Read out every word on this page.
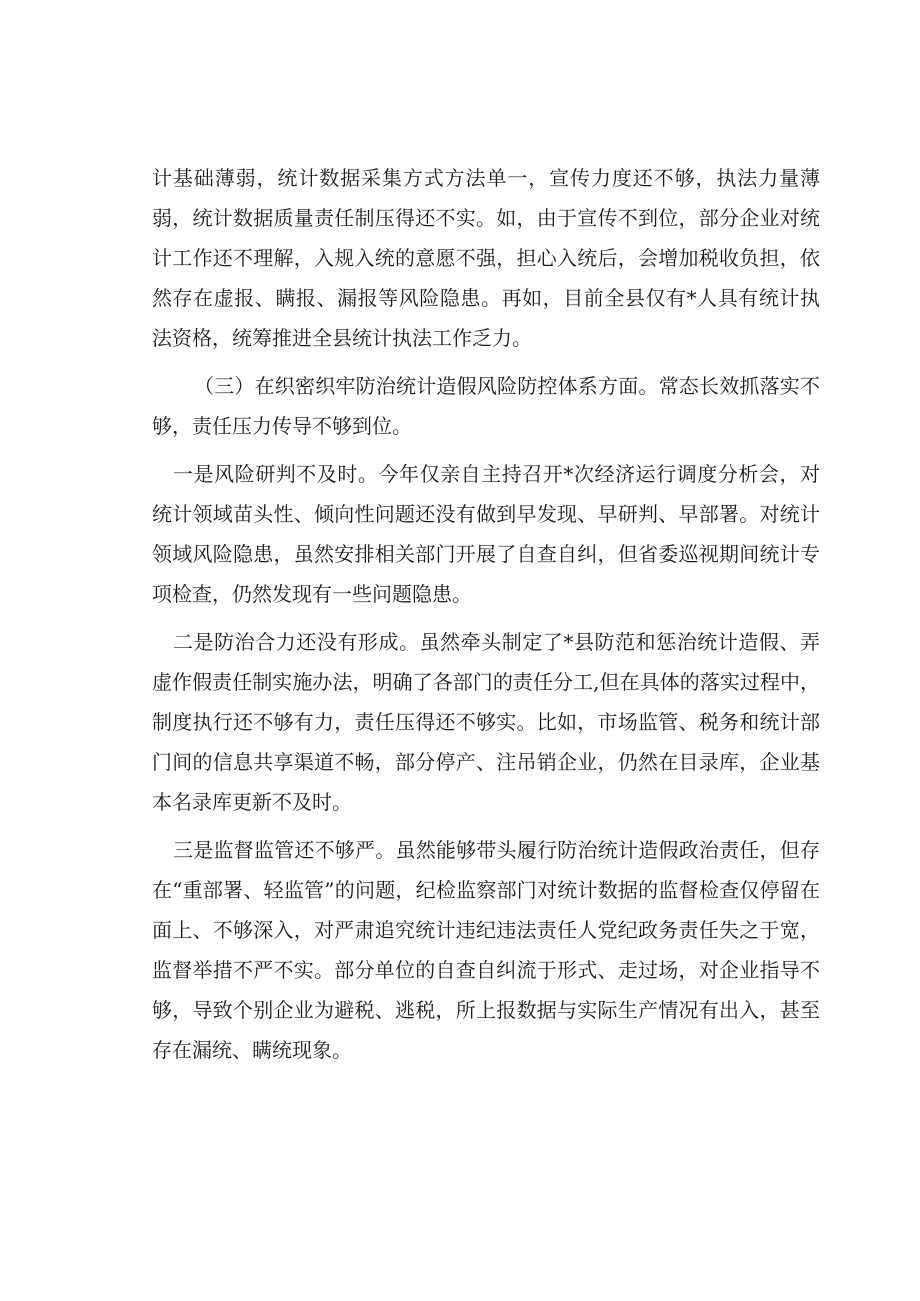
计基础薄弱，统计数据采集方式方法单一，宣传力度还不够，执法力量薄弱，统计数据质量责任制压得还不实。如，由于宣传不到位，部分企业对统计工作还不理解，入规入统的意愿不强，担心入统后，会增加税收负担，依然存在虚报、瞒报、漏报等风险隐患。再如，目前全县仅有*人具有统计执法资格，统筹推进全县统计执法工作乏力。

（三）在织密织牢防治统计造假风险防控体系方面。常态长效抓落实不够，责任压力传导不够到位。

一是风险研判不及时。今年仅亲自主持召开*次经济运行调度分析会，对统计领域苗头性、倾向性问题还没有做到早发现、早研判、早部署。对统计领域风险隐患，虽然安排相关部门开展了自查自纠，但省委巡视期间统计专项检查，仍然发现有一些问题隐患。

二是防治合力还没有形成。虽然牵头制定了*县防范和惩治统计造假、弄虚作假责任制实施办法，明确了各部门的责任分工,但在具体的落实过程中，制度执行还不够有力，责任压得还不够实。比如，市场监管、税务和统计部门间的信息共享渠道不畅，部分停产、注吊销企业，仍然在目录库，企业基本名录库更新不及时。

三是监督监管还不够严。虽然能够带头履行防治统计造假政治责任，但存在“重部署、轻监管”的问题，纪检监察部门对统计数据的监督检查仅停留在面上、不够深入，对严肃追究统计违纪违法责任人党纪政务责任失之于宽，监督举措不严不实。部分单位的自查自纠流于形式、走过场，对企业指导不够，导致个别企业为避税、逃税，所上报数据与实际生产情况有出入，甚至存在漏统、瞒统现象。
